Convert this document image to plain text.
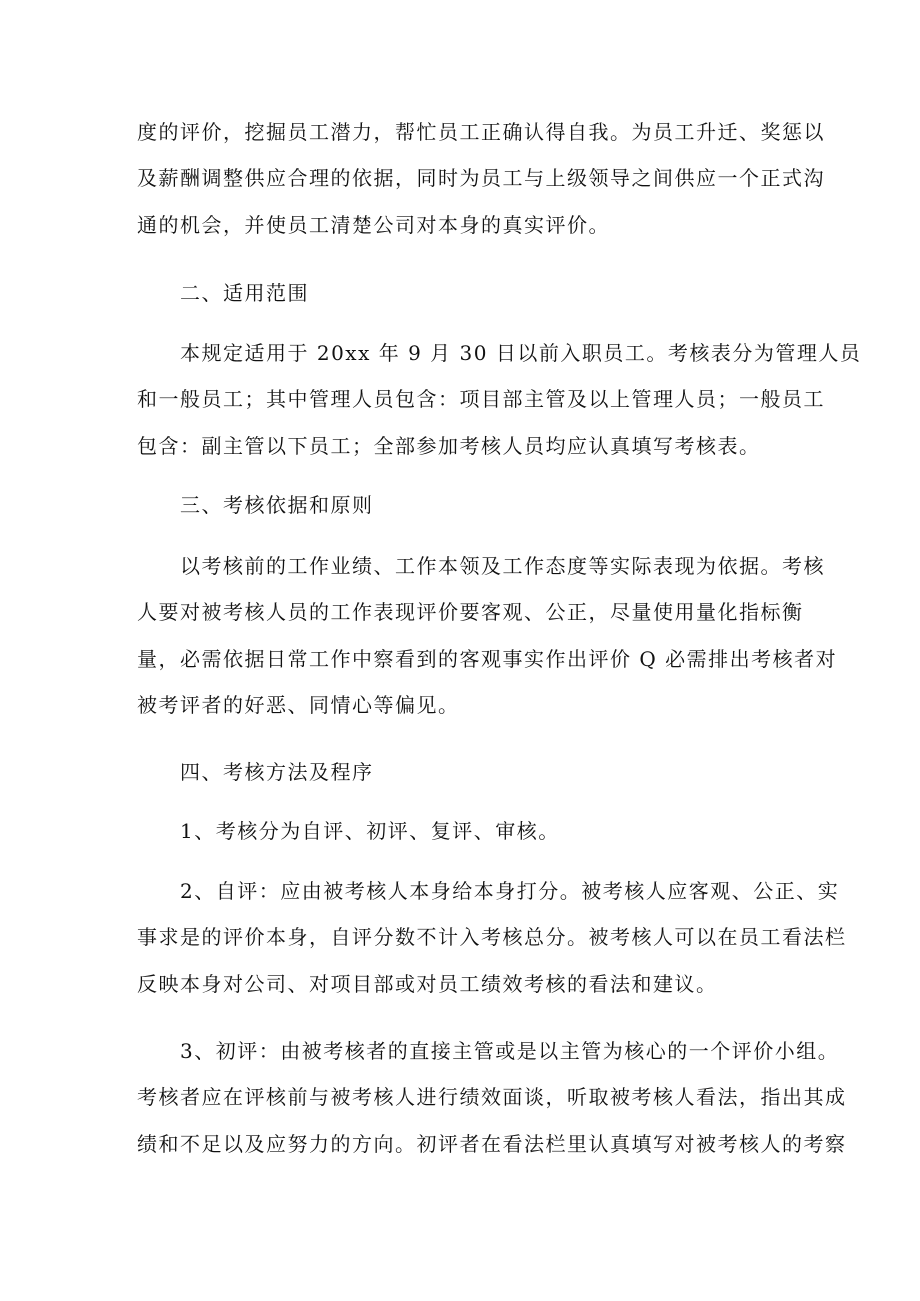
度的评价，挖掘员工潜力，帮忙员工正确认得自我。为员工升迁、奖惩以
及薪酬调整供应合理的依据，同时为员工与上级领导之间供应一个正式沟
通的机会，并使员工清楚公司对本身的真实评价。
二、适用范围
本规定适用于 20xx 年 9 月 30 日以前入职员工。考核表分为管理人员
和一般员工；其中管理人员包含：项目部主管及以上管理人员；一般员工
包含：副主管以下员工；全部参加考核人员均应认真填写考核表。
三、考核依据和原则
以考核前的工作业绩、工作本领及工作态度等实际表现为依据。考核
人要对被考核人员的工作表现评价要客观、公正，尽量使用量化指标衡
量，必需依据日常工作中察看到的客观事实作出评价 Q 必需排出考核者对
被考评者的好恶、同情心等偏见。
四、考核方法及程序
1、考核分为自评、初评、复评、审核。
2、自评：应由被考核人本身给本身打分。被考核人应客观、公正、实
事求是的评价本身，自评分数不计入考核总分。被考核人可以在员工看法栏
反映本身对公司、对项目部或对员工绩效考核的看法和建议。
3、初评：由被考核者的直接主管或是以主管为核心的一个评价小组。
考核者应在评核前与被考核人进行绩效面谈，听取被考核人看法，指出其成
绩和不足以及应努力的方向。初评者在看法栏里认真填写对被考核人的考察
